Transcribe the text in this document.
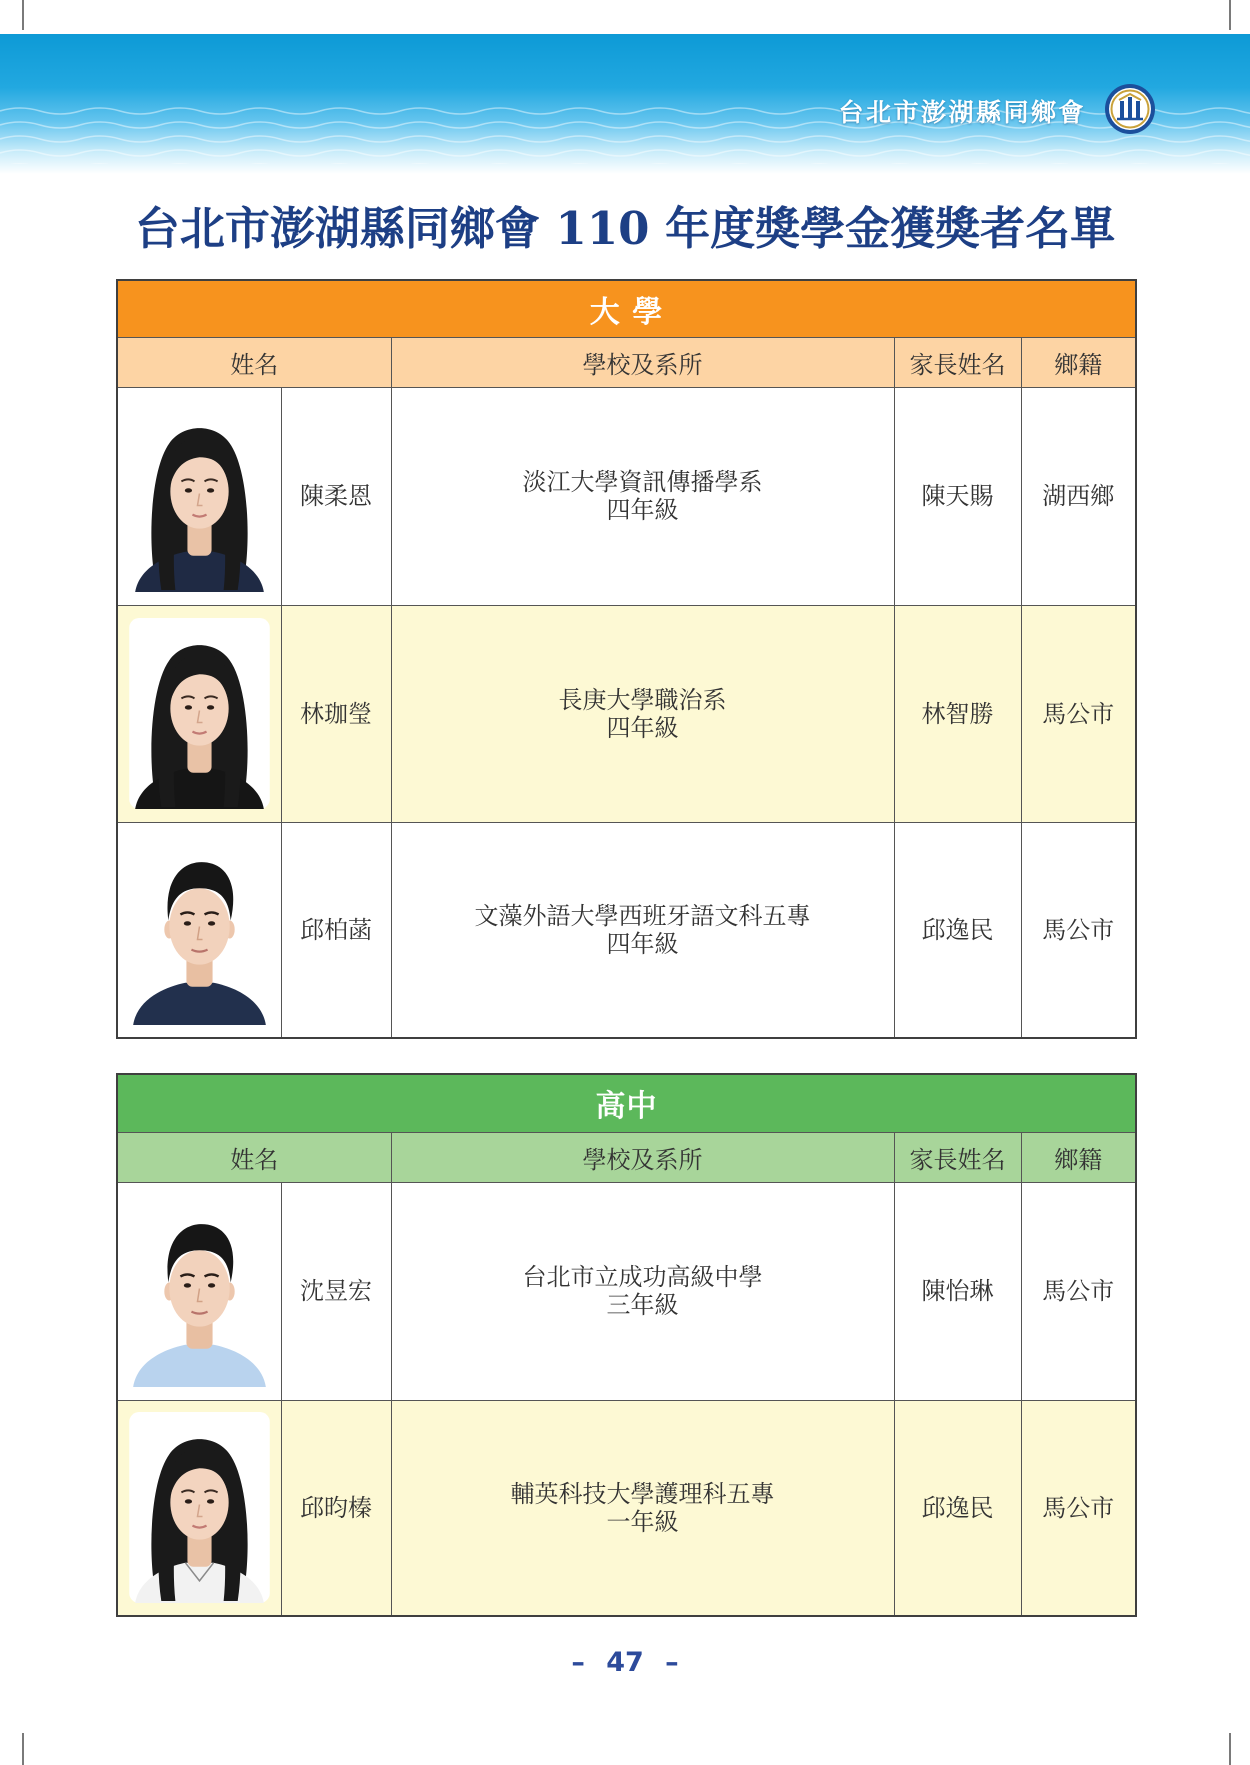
台北市澎湖縣同鄉會
台北市澎湖縣同鄉會 110 年度獎學金獲獎者名單
大 學				
姓名		學校及系所	家長姓名	鄉籍

	陳柔恩	淡江大學資訊傳播學系
四年級	陳天賜	湖西鄉

	林珈瑩	長庚大學職治系
四年級	林智勝	馬公市

	邱柏菡	文藻外語大學西班牙語文科五專
四年級	邱逸民	馬公市
高中				
姓名		學校及系所	家長姓名	鄉籍

	沈昱宏	台北市立成功高級中學
三年級	陳怡琳	馬公市

	邱昀榛	輔英科技大學護理科五專
一年級	邱逸民	馬公市
– 47 –
